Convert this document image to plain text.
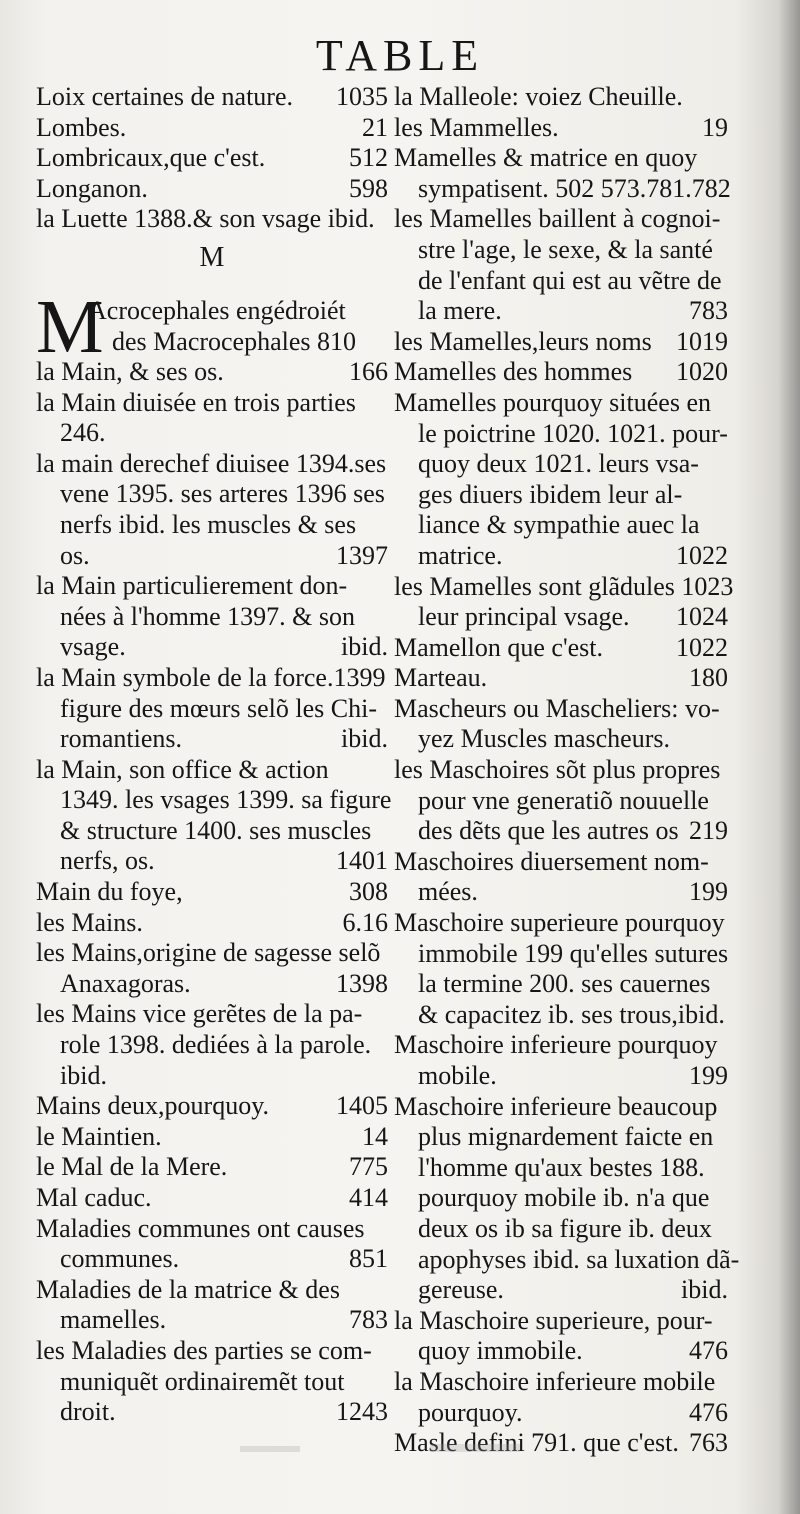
TABLE
Loix certaines de nature. 1035
Lombes.	21
Lombricaux,que c'est.	512
Longanon.	598
la Luette 1388.& son vsage ibid.
M
M
Acrocephales engédroiét
des Macrocephales 810
la Main, & ses os.	166
la Main diuisée en trois parties
246.
la main derechef diuisee 1394.ses
vene 1395. ses arteres 1396 ses
nerfs ibid. les muscles & ses
os.	1397
la Main particulierement don-
nées à l'homme 1397. & son
vsage.	ibid.
la Main symbole de la force.1399
figure des mœurs selõ les Chi-
romantiens.	ibid.
la Main, son office & action
1349. les vsages 1399. sa figure
& structure 1400. ses muscles
nerfs, os.	1401
Main du foye,	308
les Mains.	6.16
les Mains,origine de sagesse selõ
Anaxagoras.	1398
les Mains vice gerẽtes de la pa-
role 1398. dediées à la parole.
ibid.
Mains deux,pourquoy.	1405
le Maintien.	14
le Mal de la Mere.	775
Mal caduc.	414
Maladies communes ont causes
communes.	851
Maladies de la matrice & des
mamelles.	783
les Maladies des parties se com-
muniquẽt ordinairemẽt tout
droit.	1243
la Malleole: voiez Cheuille.
les Mammelles.	19
Mamelles & matrice en quoy
sympatisent. 502 573.781.782
les Mamelles baillent à cognoi-
stre l'age, le sexe, & la santé
de l'enfant qui est au vẽtre de
la mere.	783
les Mamelles,leurs noms 1019
Mamelles des hommes 1020
Mamelles pourquoy situées en
le poictrine 1020. 1021. pour-
quoy deux 1021. leurs vsa-
ges diuers ibidem leur al-
liance & sympathie auec la
matrice.	1022
les Mamelles sont glãdules 1023
leur principal vsage. 1024
Mamellon que c'est.	1022
Marteau.	180
Mascheurs ou Mascheliers: vo-
yez Muscles mascheurs.
les Maschoires sõt plus propres
pour vne generatiõ nouuelle
des dẽts que les autres os 219
Maschoires diuersement nom-
mées.	199
Maschoire superieure pourquoy
immobile 199 qu'elles sutures
la termine 200. ses cauernes
& capacitez ib. ses trous,ibid.
Maschoire inferieure pourquoy
mobile.	199
Maschoire inferieure beaucoup
plus mignardement faicte en
l'homme qu'aux bestes 188.
pourquoy mobile ib. n'a que
deux os ib sa figure ib. deux
apophyses ibid. sa luxation dã-
gereuse.	ibid.
la Maschoire superieure, pour-
quoy immobile.	476
la Maschoire inferieure mobile
pourquoy.	476
Masle defini 791. que c'est. 763
